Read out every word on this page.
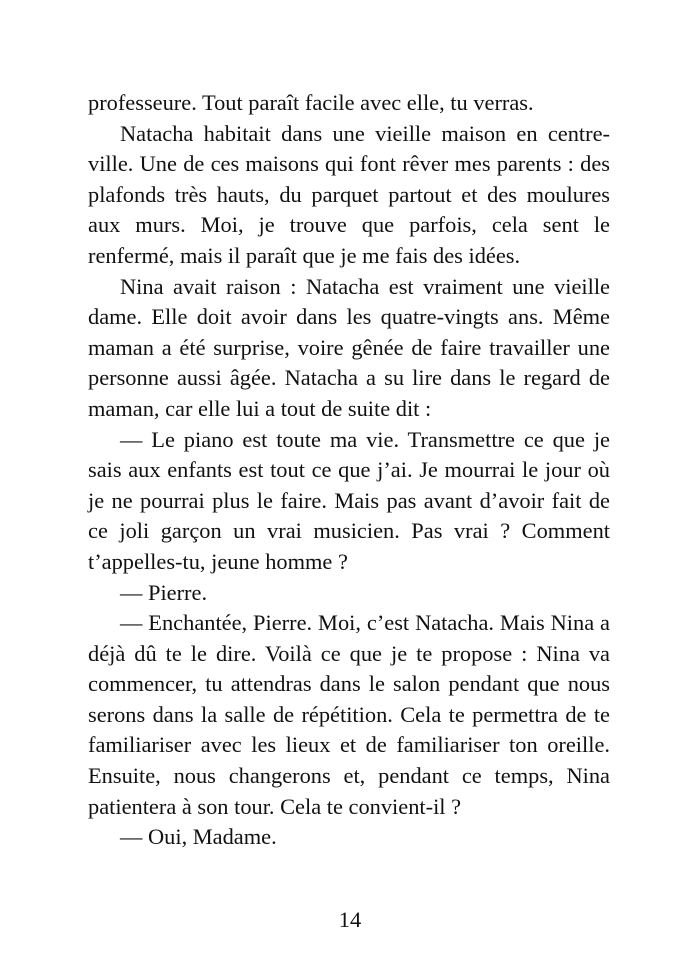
professeure. Tout paraît facile avec elle, tu verras.

Natacha habitait dans une vieille maison en centre-ville. Une de ces maisons qui font rêver mes parents : des plafonds très hauts, du parquet partout et des moulures aux murs. Moi, je trouve que parfois, cela sent le renfermé, mais il paraît que je me fais des idées.

Nina avait raison : Natacha est vraiment une vieille dame. Elle doit avoir dans les quatre-vingts ans. Même maman a été surprise, voire gênée de faire travailler une personne aussi âgée. Natacha a su lire dans le regard de maman, car elle lui a tout de suite dit :

— Le piano est toute ma vie. Transmettre ce que je sais aux enfants est tout ce que j’ai. Je mourrai le jour où je ne pourrai plus le faire. Mais pas avant d’avoir fait de ce joli garçon un vrai musicien. Pas vrai ? Comment t’appelles-tu, jeune homme ?

— Pierre.

— Enchantée, Pierre. Moi, c’est Natacha. Mais Nina a déjà dû te le dire. Voilà ce que je te propose : Nina va commencer, tu attendras dans le salon pendant que nous serons dans la salle de répétition. Cela te permettra de te familiariser avec les lieux et de familiariser ton oreille. Ensuite, nous changerons et, pendant ce temps, Nina patientera à son tour. Cela te convient-il ?

— Oui, Madame.

14
